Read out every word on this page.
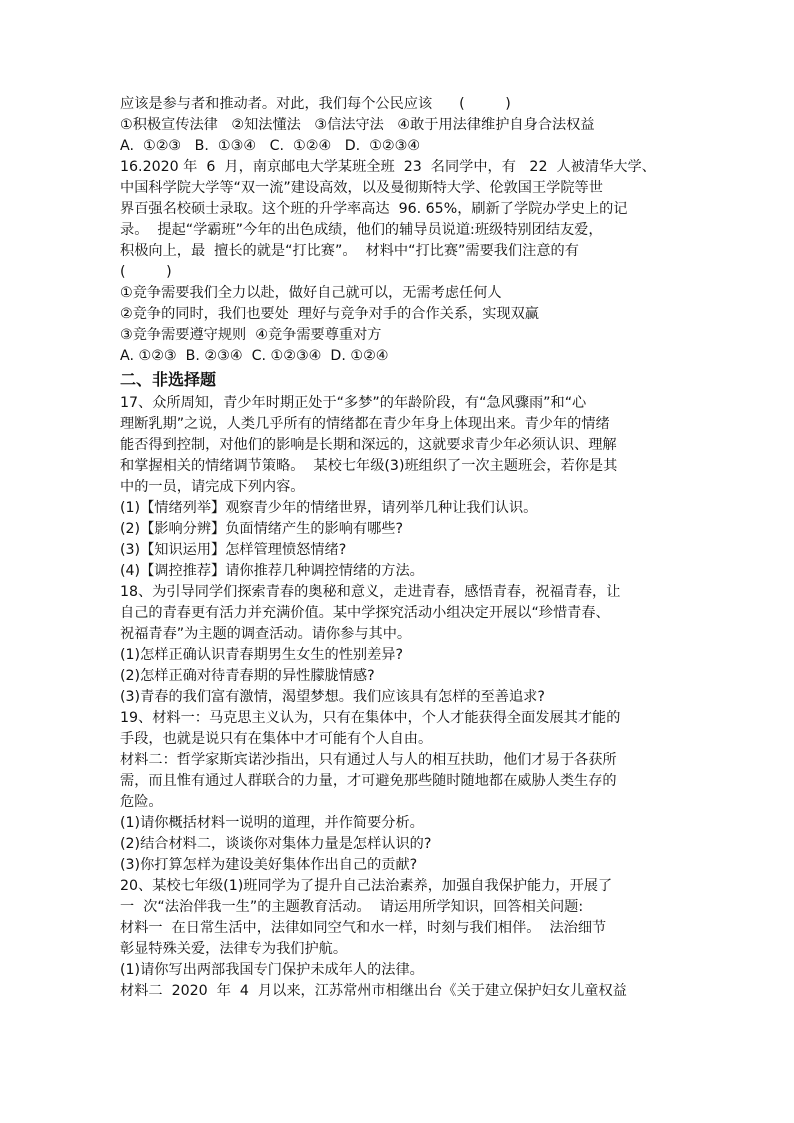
应该是参与者和推动者。对此，我们每个公民应该      (         )
①积极宣传法律   ②知法懂法   ③信法守法   ④敢于用法律维护自身合法权益
A.  ①②③   B.  ①③④   C.  ①②④   D.  ①②③④
16.2020 年  6  月，南京邮电大学某班全班  23  名同学中，有   22  人被清华大学、
中国科学院大学等“双一流”建设高效，以及曼彻斯特大学、伦敦国王学院等世
界百强名校硕士录取。这个班的升学率高达  96. 65%，刷新了学院办学史上的记
录。  提起“学霸班”今年的出色成绩，他们的辅导员说道:班级特别团结友爱，
积极向上，最  擅长的就是“打比赛”。  材料中“打比赛”需要我们注意的有
(         )
①竞争需要我们全力以赴，做好自己就可以，无需考虑任何人
②竞争的同时，我们也要处  理好与竞争对手的合作关系，实现双赢
③竞争需要遵守规则  ④竞争需要尊重对方
A. ①②③  B. ②③④  C. ①②③④  D. ①②④
二、非选择题
17、众所周知，青少年时期正处于“多梦”的年龄阶段，有“急风骤雨”和“心
理断乳期”之说，人类几乎所有的情绪都在青少年身上体现出来。青少年的情绪
能否得到控制，对他们的影响是长期和深远的，这就要求青少年必须认识、理解
和掌握相关的情绪调节策略。  某校七年级(3)班组织了一次主题班会，若你是其
中的一员，请完成下列内容。
(1)【情绪列举】观察青少年的情绪世界，请列举几种让我们认识。
(2)【影响分辨】负面情绪产生的影响有哪些?
(3)【知识运用】怎样管理愤怒情绪?
(4)【调控推荐】请你推荐几种调控情绪的方法。
18、为引导同学们探索青春的奥秘和意义，走进青春，感悟青春，祝福青春，让
自己的青春更有活力并充满价值。某中学探究活动小组决定开展以“珍惜青春、
祝福青春”为主题的调查活动。请你参与其中。
(1)怎样正确认识青春期男生女生的性别差异?
(2)怎样正确对待青春期的异性朦胧情感?
(3)青春的我们富有激情，渴望梦想。我们应该具有怎样的至善追求?
19、材料一：马克思主义认为，只有在集体中，个人才能获得全面发展其才能的
手段，也就是说只有在集体中才可能有个人自由。
材料二：哲学家斯宾诺沙指出，只有通过人与人的相互扶助，他们才易于各获所
需，而且惟有通过人群联合的力量，才可避免那些随时随地都在威胁人类生存的
危险。
(1)请你概括材料一说明的道理，并作简要分析。
(2)结合材料二，谈谈你对集体力量是怎样认识的?
(3)你打算怎样为建设美好集体作出自己的贡献?
20、某校七年级(1)班同学为了提升自己法治素养，加强自我保护能力，开展了
一  次“法治伴我一生”的主题教育活动。  请运用所学知识，回答相关问题:
材料一  在日常生活中，法律如同空气和水一样，时刻与我们相伴。  法治细节
彰显特殊关爱，法律专为我们护航。
(1)请你写出两部我国专门保护未成年人的法律。
材料二  2020  年  4  月以来，江苏常州市相继出台《关于建立保护妇女儿童权益
